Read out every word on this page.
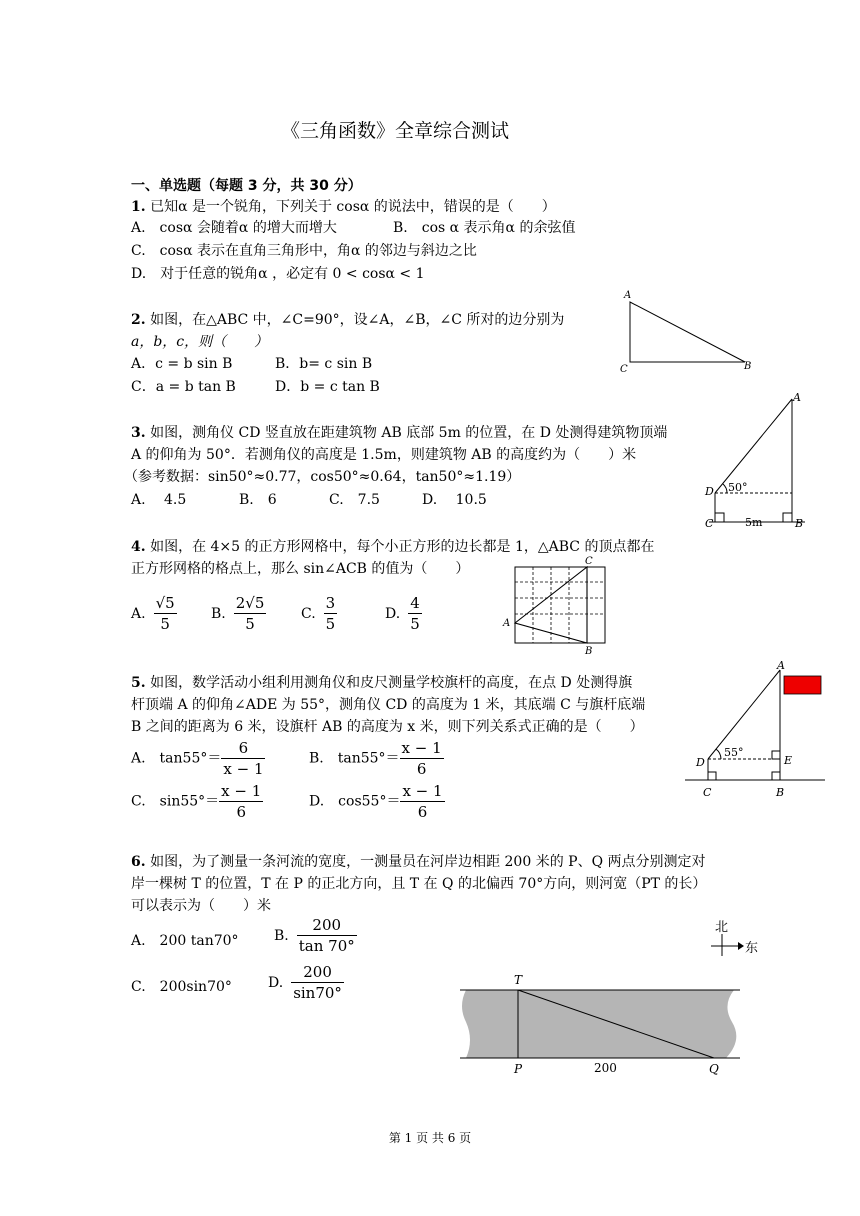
《三角函数》全章综合测试
一、单选题（每题 3 分，共 30 分）
1. 已知α 是一个锐角，下列关于 cosα 的说法中，错误的是（　　）
A.　cosα 会随着α 的增大而增大	B.　cos α 表示角α 的余弦值
C.　cosα 表示在直角三角形中，角α 的邻边与斜边之比
D.　对于任意的锐角α ，必定有 0 < cosα < 1
2. 如图，在△ABC 中，∠C=90°，设∠A，∠B，∠C 所对的边分别为
a，b，c，则（　　）
A．c = b sin B	B．b= c sin B
C．a = b tan B	D．b = c tan B
A
C	B
3. 如图，测角仪 CD 竖直放在距建筑物 AB 底部 5m 的位置，在 D 处测得建筑物顶端
A 的仰角为 50°．若测角仪的高度是 1.5m，则建筑物 AB 的高度约为（　　）米
（参考数据：sin50°≈0.77，cos50°≈0.64，tan50°≈1.19）
A.　 4.5	B.　6	C.　7.5	D.　 10.5
50°
A
D
C	B
5m
4. 如图，在 4×5 的正方形网格中，每个小正方形的边长都是 1，△ABC 的顶点都在
正方形网格的格点上，那么 sin∠ACB 的值为（　　）
A. $\frac{√5}{5} B$. $\frac{2√5}{5} C$. $\frac{3}{5}$	D. $\frac{4}{5}$
C
A
B
5. 如图，数学活动小组利用测角仪和皮尺测量学校旗杆的高度，在点 D 处测得旗
杆顶端 A 的仰角∠ADE 为 55°，测角仪 CD 的高度为 1 米，其底端 C 与旗杆底端
B 之间的距离为 6 米，设旗杆 AB 的高度为 x 米，则下列关系式正确的是（　　）
A.　$\tan 55^\circ= \frac{6}{x - 1}$	B.　$\tan 55^\circ= \frac{x - 1}{6}$
C.　$\sin 55^\circ= \frac{x - 1}{6}$	D.　$\cos 55^\circ= \frac{x - 1}{6}$
55°
A
D	E
C	B
6. 如图，为了测量一条河流的宽度，一测量员在河岸边相距 200 米的 P、Q 两点分别测定对
岸一棵树 T 的位置，T 在 P 的正北方向，且 T 在 Q 的北偏西 70°方向，则河宽（PT 的长）
可以表示为（　　）米
A.　200 tan70°	B. $\frac{200}{\tan 70^\circ}$
C.　200sin70°	D. $\frac{200}{\sin 70^\circ}$
北
东
T
P	Q
200
第 1 页 共 6 页
